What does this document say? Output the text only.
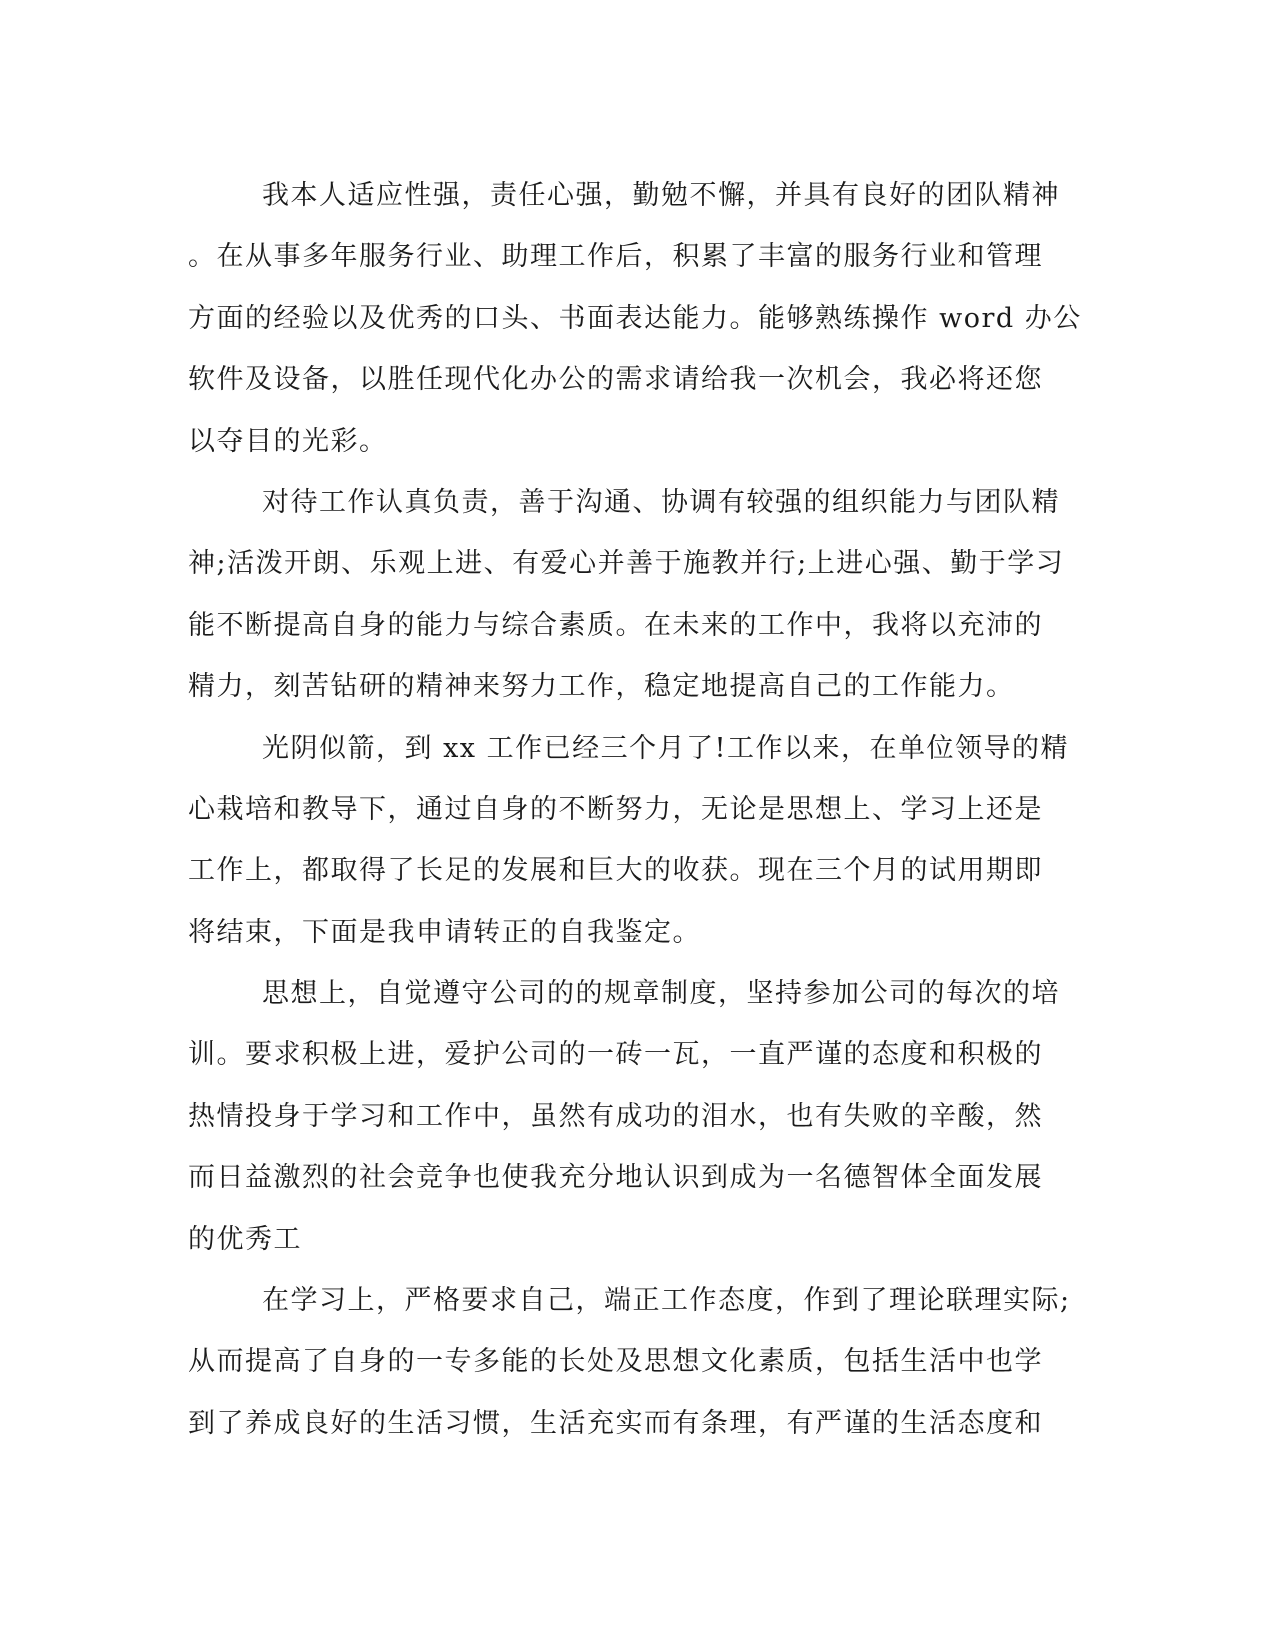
我本人适应性强，责任心强，勤勉不懈，并具有良好的团队精神
。在从事多年服务行业、助理工作后，积累了丰富的服务行业和管理
方面的经验以及优秀的口头、书面表达能力。能够熟练操作 word 办公
软件及设备，以胜任现代化办公的需求请给我一次机会，我必将还您
以夺目的光彩。
对待工作认真负责，善于沟通、协调有较强的组织能力与团队精
神;活泼开朗、乐观上进、有爱心并善于施教并行;上进心强、勤于学习
能不断提高自身的能力与综合素质。在未来的工作中，我将以充沛的
精力，刻苦钻研的精神来努力工作，稳定地提高自己的工作能力。
光阴似箭，到 xx 工作已经三个月了!工作以来，在单位领导的精
心栽培和教导下，通过自身的不断努力，无论是思想上、学习上还是
工作上，都取得了长足的发展和巨大的收获。现在三个月的试用期即
将结束，下面是我申请转正的自我鉴定。
思想上，自觉遵守公司的的规章制度，坚持参加公司的每次的培
训。要求积极上进，爱护公司的一砖一瓦，一直严谨的态度和积极的
热情投身于学习和工作中，虽然有成功的泪水，也有失败的辛酸，然
而日益激烈的社会竞争也使我充分地认识到成为一名德智体全面发展
的优秀工
在学习上，严格要求自己，端正工作态度，作到了理论联理实际;
从而提高了自身的一专多能的长处及思想文化素质，包括生活中也学
到了养成良好的生活习惯，生活充实而有条理，有严谨的生活态度和
